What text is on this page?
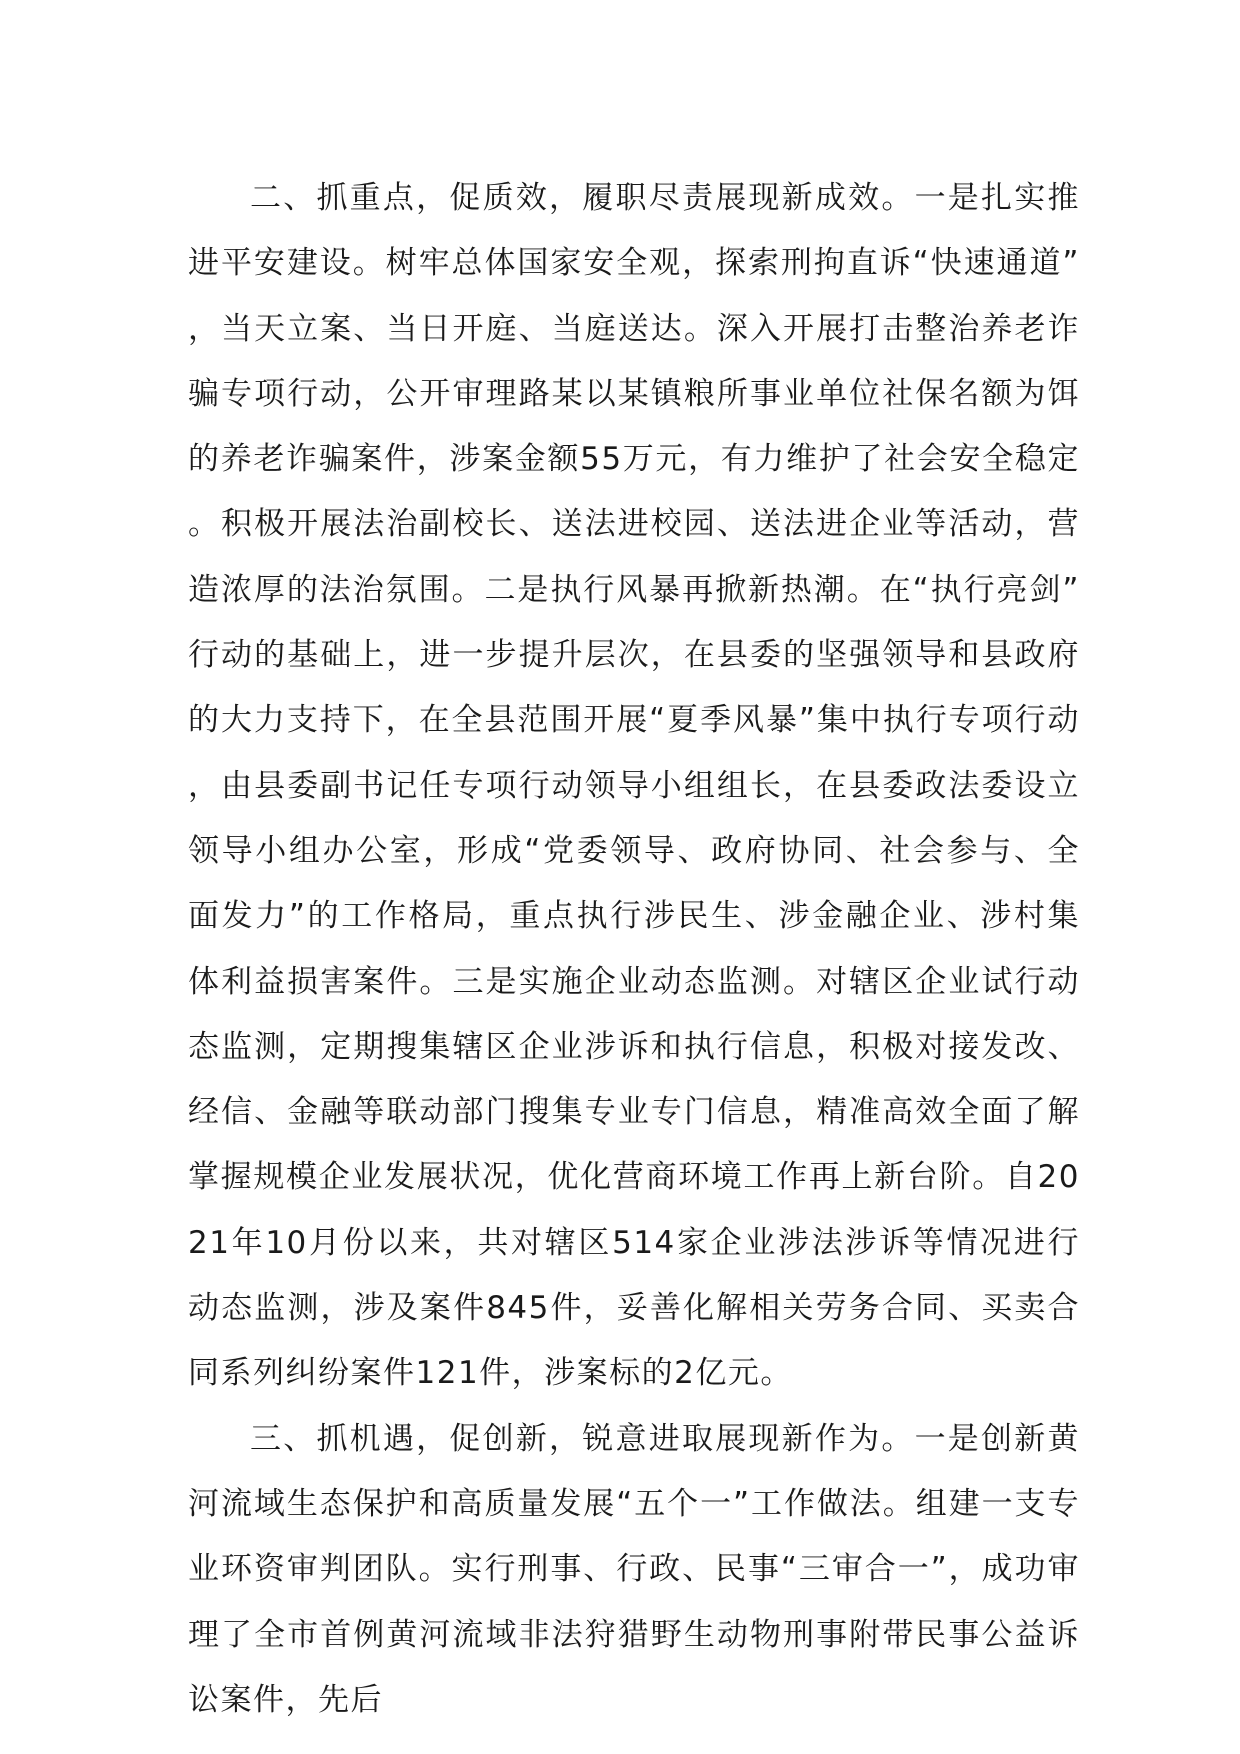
二、抓重点，促质效，履职尽责展现新成效。一是扎实推进平安建设。树牢总体国家安全观，探索刑拘直诉“快速通道”，当天立案、当日开庭、当庭送达。深入开展打击整治养老诈骗专项行动，公开审理路某以某镇粮所事业单位社保名额为饵的养老诈骗案件，涉案金额55万元，有力维护了社会安全稳定。积极开展法治副校长、送法进校园、送法进企业等活动，营造浓厚的法治氛围。二是执行风暴再掀新热潮。在“执行亮剑”行动的基础上，进一步提升层次，在县委的坚强领导和县政府的大力支持下，在全县范围开展“夏季风暴”集中执行专项行动，由县委副书记任专项行动领导小组组长，在县委政法委设立领导小组办公室，形成“党委领导、政府协同、社会参与、全面发力”的工作格局，重点执行涉民生、涉金融企业、涉村集体利益损害案件。三是实施企业动态监测。对辖区企业试行动态监测，定期搜集辖区企业涉诉和执行信息，积极对接发改、经信、金融等联动部门搜集专业专门信息，精准高效全面了解掌握规模企业发展状况，优化营商环境工作再上新台阶。自2021年10月份以来，共对辖区514家企业涉法涉诉等情况进行动态监测，涉及案件845件，妥善化解相关劳务合同、买卖合同系列纠纷案件121件，涉案标的2亿元。

三、抓机遇，促创新，锐意进取展现新作为。一是创新黄河流域生态保护和高质量发展“五个一”工作做法。组建一支专业环资审判团队。实行刑事、行政、民事“三审合一”，成功审理了全市首例黄河流域非法狩猎野生动物刑事附带民事公益诉讼案件，先后
